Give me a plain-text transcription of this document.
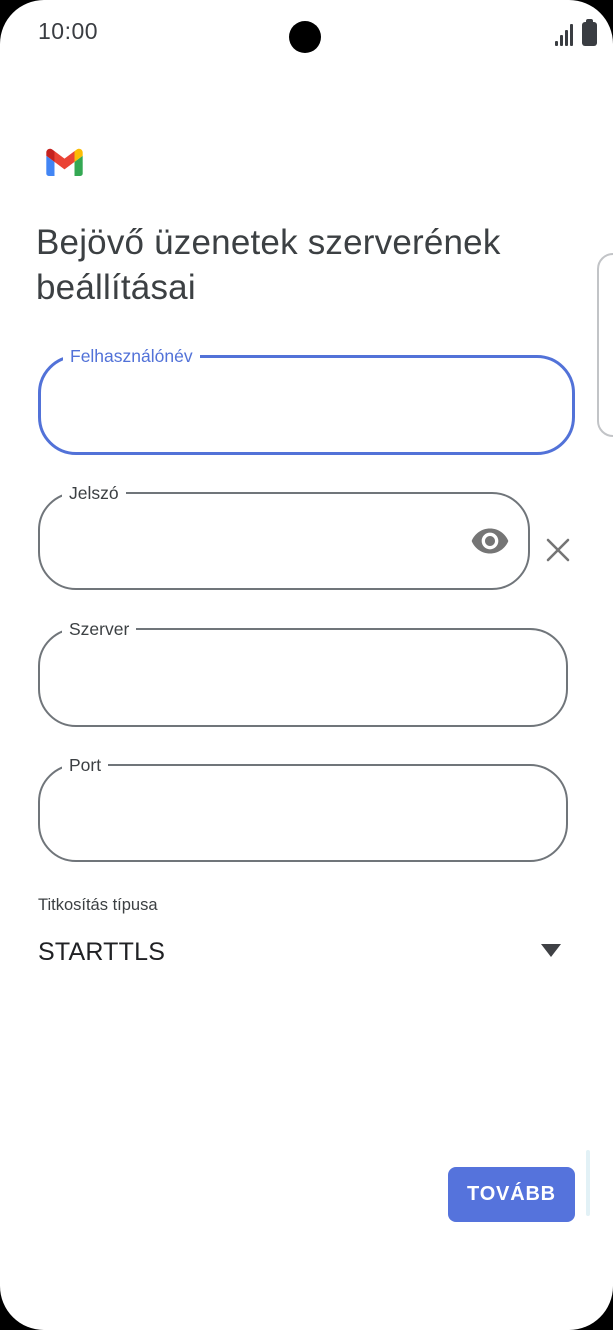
10:00
Bejövő üzenetek szerverének beállításai
Felhasználónév
Jelszó
Szerver
Port
Titkosítás típusa
STARTTLS
TOVÁBB
